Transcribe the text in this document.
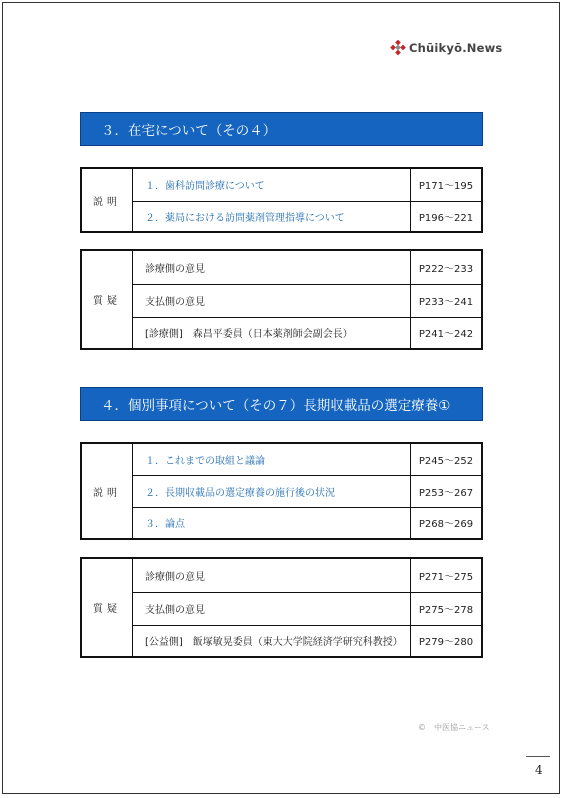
Chūikyō.News
３．在宅について（その４）
説明	１．歯科訪問診療について	P171〜195
	２．薬局における訪問薬剤管理指導について	P196〜221
質疑	診療側の意見	P222〜233
	支払側の意見	P233〜241
	[診療側]　森昌平委員（日本薬剤師会副会長）	P241〜242
４．個別事項について（その７）長期収載品の選定療養①
説明	１．これまでの取組と議論	P245〜252
	２．長期収載品の選定療養の施行後の状況	P253〜267
	３．論点	P268〜269
質疑	診療側の意見	P271〜275
	支払側の意見	P275〜278
	[公益側]　飯塚敏晃委員（東大大学院経済学研究科教授）	P279〜280
©　中医協ニュース
4
